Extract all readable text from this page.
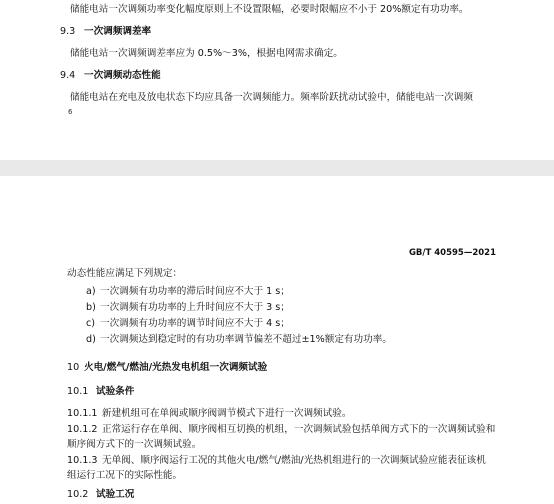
储能电站一次调频功率变化幅度原则上不设置限幅，必要时限幅应不小于 20%额定有功功率。
9.3 一次调频调差率
储能电站一次调频调差率应为 0.5%～3%，根据电网需求确定。
9.4 一次调频动态性能
储能电站在充电及放电状态下均应具备一次调频能力。频率阶跃扰动试验中，储能电站一次调频
6
GB/T 40595—2021
动态性能应满足下列规定：
a) 一次调频有功功率的滞后时间应不大于 1 s；
b) 一次调频有功功率的上升时间应不大于 3 s；
c) 一次调频有功功率的调节时间应不大于 4 s；
d) 一次调频达到稳定时的有功功率调节偏差不超过±1%额定有功功率。
10 火电/燃气/燃油/光热发电机组一次调频试验
10.1 试验条件
10.1.1 新建机组可在单阀或顺序阀调节模式下进行一次调频试验。
10.1.2 正常运行存在单阀、顺序阀相互切换的机组，一次调频试验包括单阀方式下的一次调频试验和
顺序阀方式下的一次调频试验。
10.1.3 无单阀、顺序阀运行工况的其他火电/燃气/燃油/光热机组进行的一次调频试验应能表征该机
组运行工况下的实际性能。
10.2 试验工况
